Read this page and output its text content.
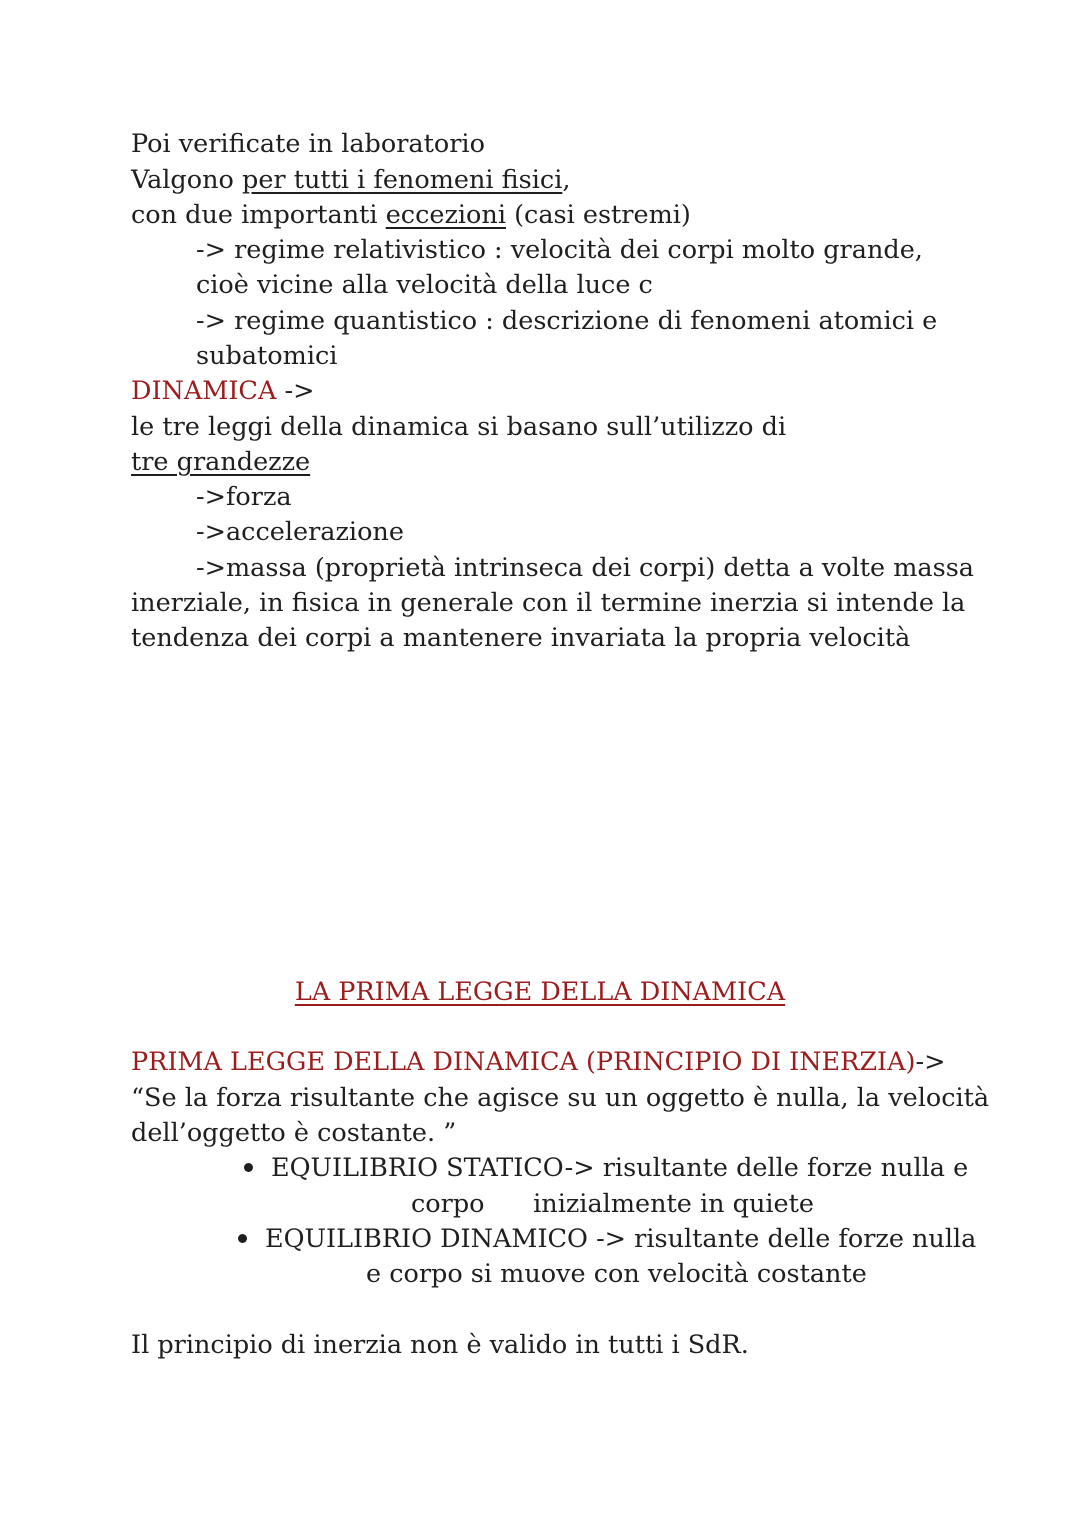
Poi verificate in laboratorio
Valgono per tutti i fenomeni fisici,
con due importanti eccezioni (casi estremi)
-> regime relativistico : velocità dei corpi molto grande,
cioè vicine alla velocità della luce c
-> regime quantistico : descrizione di fenomeni atomici e
subatomici
DINAMICA ->
le tre leggi della dinamica si basano sull’utilizzo di
tre grandezze
->forza
->accelerazione
->massa (proprietà intrinseca dei corpi) detta a volte massa
inerziale, in fisica in generale con il termine inerzia si intende la
tendenza dei corpi a mantenere invariata la propria velocità
LA PRIMA LEGGE DELLA DINAMICA
PRIMA LEGGE DELLA DINAMICA (PRINCIPIO DI INERZIA)->
“Se la forza risultante che agisce su un oggetto è nulla, la velocità
dell’oggetto è costante. ”
EQUILIBRIO STATICO-> risultante delle forze nulla e
corpo      inizialmente in quiete
EQUILIBRIO DINAMICO -> risultante delle forze nulla
e corpo si muove con velocità costante
Il principio di inerzia non è valido in tutti i SdR.
